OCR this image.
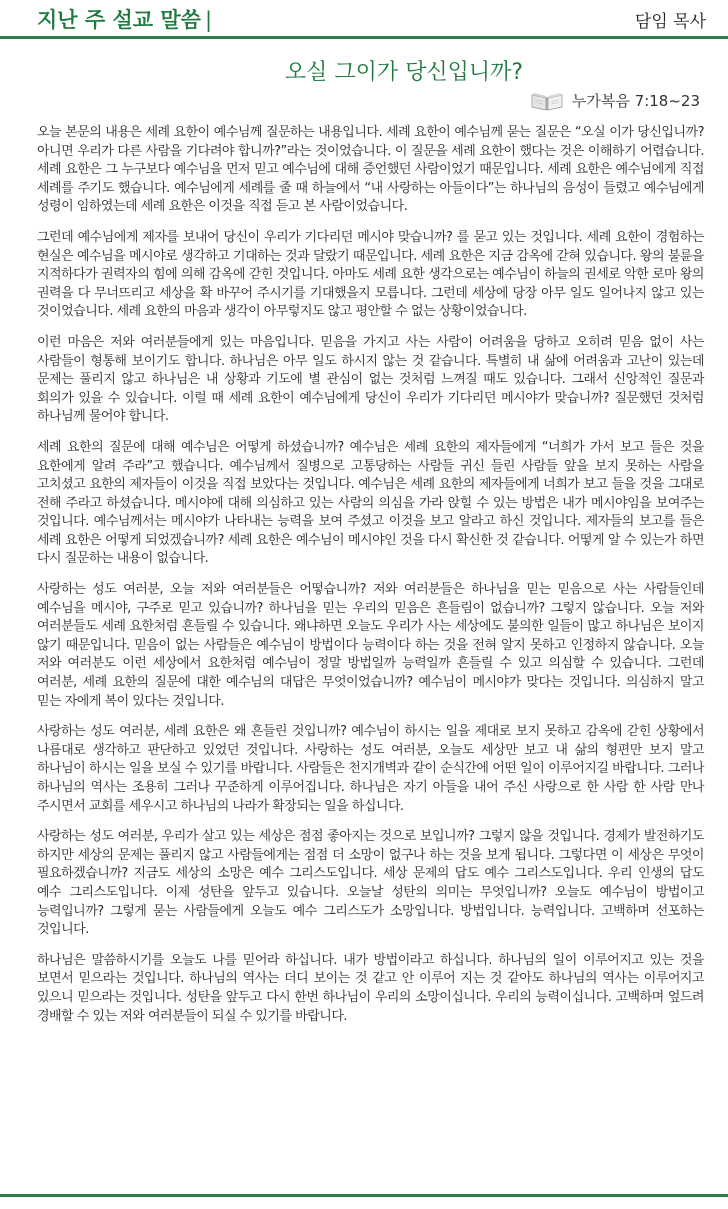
지난 주 설교 말씀 |	담임 목사
오실 그이가 당신입니까?
누가복음 7:18~23

오늘 본문의 내용은 세례 요한이 예수님께 질문하는 내용입니다. 세례 요한이 예수님께 묻는 질문은 “오실 이가 당신입니까? 아니면 우리가 다른 사람을 기다려야 합니까?”라는 것이었습니다. 이 질문을 세례 요한이 했다는 것은 이해하기 어렵습니다. 세례 요한은 그 누구보다 예수님을 먼저 믿고 예수님에 대해 증언했던 사람이었기 때문입니다. 세례 요한은 예수님에게 직접 세례를 주기도 했습니다. 예수님에게 세례를 줄 때 하늘에서 “내 사랑하는 아들이다”는 하나님의 음성이 들렸고 예수님에게 성령이 임하였는데 세례 요한은 이것을 직접 듣고 본 사람이었습니다.

그런데 예수님에게 제자를 보내어 당신이 우리가 기다리던 메시야 맞습니까? 를 묻고 있는 것입니다. 세례 요한이 경험하는 현실은 예수님을 메시야로 생각하고 기대하는 것과 달랐기 때문입니다. 세례 요한은 지금 감옥에 갇혀 있습니다. 왕의 불륜을 지적하다가 권력자의 힘에 의해 감옥에 갇힌 것입니다. 아마도 세례 요한 생각으로는 예수님이 하늘의 권세로 악한 로마 왕의 권력을 다 무너뜨리고 세상을 확 바꾸어 주시기를 기대했을지 모릅니다. 그런데 세상에 당장 아무 일도 일어나지 않고 있는 것이었습니다. 세례 요한의 마음과 생각이 아무렇지도 않고 평안할 수 없는 상황이었습니다.

이런 마음은 저와 여러분들에게 있는 마음입니다. 믿음을 가지고 사는 사람이 어려움을 당하고 오히려 믿음 없이 사는 사람들이 형통해 보이기도 합니다. 하나님은 아무 일도 하시지 않는 것 같습니다. 특별히 내 삶에 어려움과 고난이 있는데 문제는 풀리지 않고 하나님은 내 상황과 기도에 별 관심이 없는 것처럼 느껴질 때도 있습니다. 그래서 신앙적인 질문과 회의가 있을 수 있습니다. 이럴 때 세례 요한이 예수님에게 당신이 우리가 기다리던 메시야가 맞습니까? 질문했던 것처럼 하나님께 물어야 합니다.

세례 요한의 질문에 대해 예수님은 어떻게 하셨습니까? 예수님은 세례 요한의 제자들에게 “너희가 가서 보고 들은 것을 요한에게 알려 주라”고 했습니다. 예수님께서 질병으로 고통당하는 사람들 귀신 들린 사람들 앞을 보지 못하는 사람을 고치셨고 요한의 제자들이 이것을 직접 보았다는 것입니다. 예수님은 세례 요한의 제자들에게 너희가 보고 들을 것을 그대로 전해 주라고 하셨습니다. 메시야에 대해 의심하고 있는 사람의 의심을 가라 앉힐 수 있는 방법은 내가 메시야임을 보여주는 것입니다. 예수님께서는 메시야가 나타내는 능력을 보여 주셨고 이것을 보고 알라고 하신 것입니다. 제자들의 보고를 들은 세례 요한은 어떻게 되었겠습니까? 세례 요한은 예수님이 메시야인 것을 다시 확신한 것 같습니다. 어떻게 알 수 있는가 하면 다시 질문하는 내용이 없습니다.

사랑하는 성도 여러분, 오늘 저와 여러분들은 어떻습니까? 저와 여러분들은 하나님을 믿는 믿음으로 사는 사람들인데 예수님을 메시야, 구주로 믿고 있습니까? 하나님을 믿는 우리의 믿음은 흔들림이 없습니까? 그렇지 않습니다. 오늘 저와 여러분들도 세례 요한처럼 흔들릴 수 있습니다. 왜냐하면 오늘도 우리가 사는 세상에도 불의한 일들이 많고 하나님은 보이지 않기 때문입니다. 믿음이 없는 사람들은 예수님이 방법이다 능력이다 하는 것을 전혀 알지 못하고 인정하지 않습니다. 오늘 저와 여러분도 이런 세상에서 요한처럼 예수님이 정말 방법일까 능력일까 흔들릴 수 있고 의심할 수 있습니다. 그런데 여러분, 세례 요한의 질문에 대한 예수님의 대답은 무엇이었습니까? 예수님이 메시야가 맞다는 것입니다. 의심하지 말고 믿는 자에게 복이 있다는 것입니다.

사랑하는 성도 여러분, 세례 요한은 왜 흔들린 것입니까? 예수님이 하시는 일을 제대로 보지 못하고 감옥에 갇힌 상황에서 나름대로 생각하고 판단하고 있었던 것입니다. 사랑하는 성도 여러분, 오늘도 세상만 보고 내 삶의 형편만 보지 말고 하나님이 하시는 일을 보실 수 있기를 바랍니다. 사람들은 천지개벽과 같이 순식간에 어떤 일이 이루어지길 바랍니다. 그러나 하나님의 역사는 조용히 그러나 꾸준하게 이루어집니다. 하나님은 자기 아들을 내어 주신 사랑으로 한 사람 한 사람 만나 주시면서 교회를 세우시고 하나님의 나라가 확장되는 일을 하십니다.

사랑하는 성도 여러분, 우리가 살고 있는 세상은 점점 좋아지는 것으로 보입니까? 그렇지 않을 것입니다. 경제가 발전하기도 하지만 세상의 문제는 풀리지 않고 사람들에게는 점점 더 소망이 없구나 하는 것을 보게 됩니다. 그렇다면 이 세상은 무엇이 필요하겠습니까? 지금도 세상의 소망은 예수 그리스도입니다. 세상 문제의 답도 예수 그리스도입니다. 우리 인생의 답도 예수 그리스도입니다. 이제 성탄을 앞두고 있습니다. 오늘날 성탄의 의미는 무엇입니까? 오늘도 예수님이 방법이고 능력입니까? 그렇게 묻는 사람들에게 오늘도 예수 그리스도가 소망입니다. 방법입니다. 능력입니다. 고백하며 선포하는 것입니다.

하나님은 말씀하시기를 오늘도 나를 믿어라 하십니다. 내가 방법이라고 하십니다. 하나님의 일이 이루어지고 있는 것을 보면서 믿으라는 것입니다. 하나님의 역사는 더디 보이는 것 같고 안 이루어 지는 것 같아도 하나님의 역사는 이루어지고 있으니 믿으라는 것입니다. 성탄을 앞두고 다시 한번 하나님이 우리의 소망이십니다. 우리의 능력이십니다. 고백하며 엎드려 경배할 수 있는 저와 여러분들이 되실 수 있기를 바랍니다.
